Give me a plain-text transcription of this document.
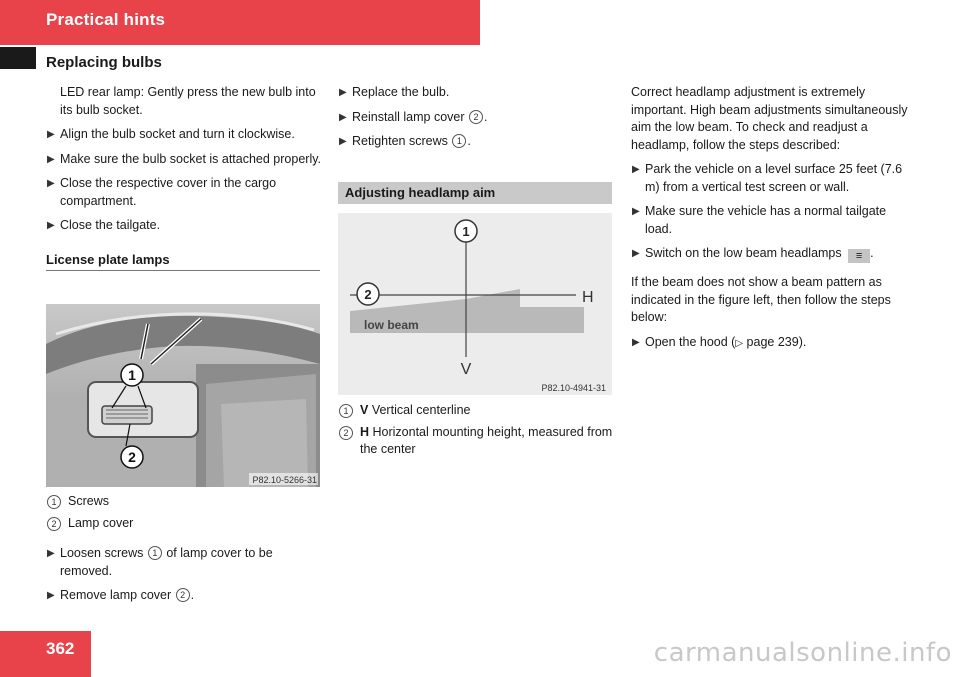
Practical hints
Replacing bulbs

LED rear lamp: Gently press the new bulb into its bulb socket.

▶ Align the bulb socket and turn it clockwise.

▶ Make sure the bulb socket is attached properly.

▶ Close the respective cover in the cargo compartment.

▶ Close the tailgate.

License plate lamps
1
2
P82.10-5266-31

1 Screws

2 Lamp cover

▶ Loosen screws 1 of lamp cover to be removed.

▶ Remove lamp cover 2 .

▶ Replace the bulb.

▶ Reinstall lamp cover 2 .

▶ Retighten screws 1 .

Adjusting headlamp aim
1
2	H
V
low beam
P82.10-4941-31

1 V Vertical centerline

2 H Horizontal mounting height, measured from the center

Correct headlamp adjustment is extremely important. High beam adjustments simultaneously aim the low beam. To check and readjust a headlamp, follow the steps described:

▶ Park the vehicle on a level surface 25 feet (7.6 m) from a vertical test screen or wall.

▶ Make sure the vehicle has a normal tailgate load.

▶ Switch on the low beam headlamps ≡ .

If the beam does not show a beam pattern as indicated in the figure left, then follow the steps below:

▶ Open the hood (▷ page 239).

362	carmanualsonline.info
